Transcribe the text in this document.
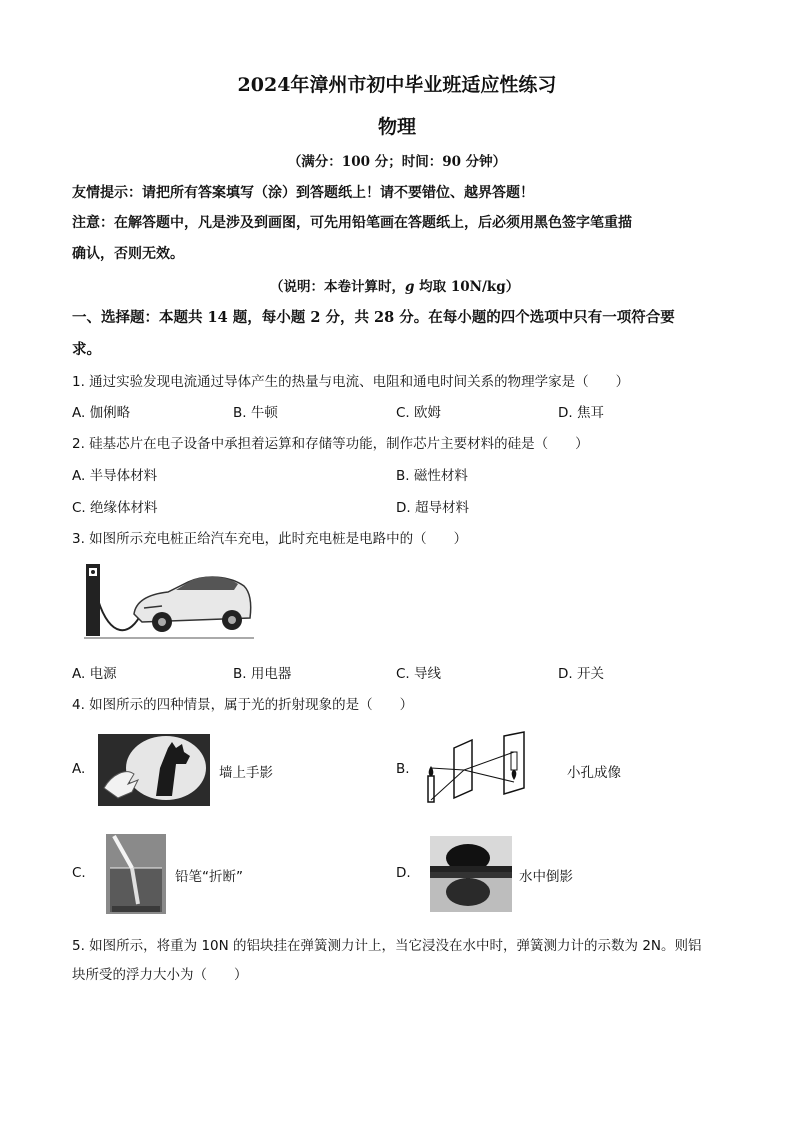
2024年漳州市初中毕业班适应性练习
物理
（满分：100 分；时间：90 分钟）
友情提示：请把所有答案填写（涂）到答题纸上！请不要错位、越界答题！
注意：在解答题中，凡是涉及到画图，可先用铅笔画在答题纸上，后必须用黑色签字笔重描
确认，否则无效。
（说明：本卷计算时，g 均取 10N/kg）
一、选择题：本题共 14 题，每小题 2 分，共 28 分。在每小题的四个选项中只有一项符合要
求。
1. 通过实验发现电流通过导体产生的热量与电流、电阻和通电时间关系的物理学家是（　　）
A. 伽俐略	B. 牛顿	C. 欧姆	D. 焦耳
2. 硅基芯片在电子设备中承担着运算和存储等功能，制作芯片主要材料的硅是（　　）
A. 半导体材料	B. 磁性材料
C. 绝缘体材料	D. 超导材料
3. 如图所示充电桩正给汽车充电，此时充电桩是电路中的（　　）
A. 电源	B. 用电器	C. 导线	D. 开关
4. 如图所示的四种情景，属于光的折射现象的是（　　）
A.	墙上手影	B.	小孔成像
C.	铅笔“折断”	D.	水中倒影
5. 如图所示，将重为 10N 的铝块挂在弹簧测力计上，当它浸没在水中时，弹簧测力计的示数为 2N。则铝
块所受的浮力大小为（　　）
